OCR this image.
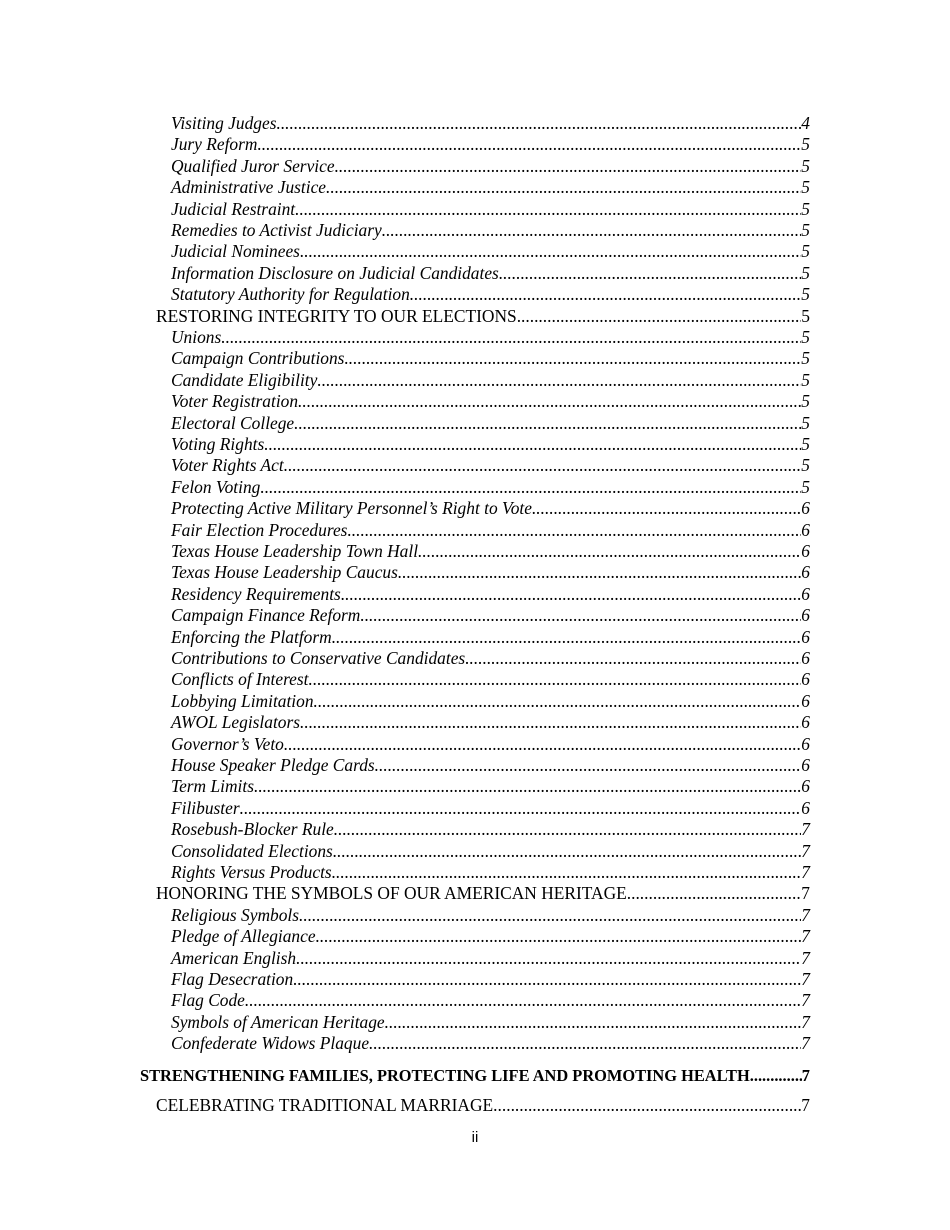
Visiting Judges .....	4
Jury Reform .....	5
Qualified Juror Service .....	5
Administrative Justice .....	5
Judicial Restraint .....	5
Remedies to Activist Judiciary .....	5
Judicial Nominees .....	5
Information Disclosure on Judicial Candidates .....	5
Statutory Authority for Regulation .....	5
RESTORING INTEGRITY TO OUR ELECTIONS .....	5
Unions .....	5
Campaign Contributions .....	5
Candidate Eligibility .....	5
Voter Registration .....	5
Electoral College .....	5
Voting Rights .....	5
Voter Rights Act .....	5
Felon Voting .....	5
Protecting Active Military Personnel’s Right to Vote .....	6
Fair Election Procedures .....	6
Texas House Leadership Town Hall .....	6
Texas House Leadership Caucus .....	6
Residency Requirements .....	6
Campaign Finance Reform .....	6
Enforcing the Platform .....	6
Contributions to Conservative Candidates .....	6
Conflicts of Interest .....	6
Lobbying Limitation .....	6
AWOL Legislators .....	6
Governor’s Veto .....	6
House Speaker Pledge Cards .....	6
Term Limits .....	6
Filibuster .....	6
Rosebush-Blocker Rule .....	7
Consolidated Elections .....	7
Rights Versus Products .....	7
HONORING THE SYMBOLS OF OUR AMERICAN HERITAGE .....	7
Religious Symbols .....	7
Pledge of Allegiance .....	7
American English .....	7
Flag Desecration .....	7
Flag Code .....	7
Symbols of American Heritage .....	7
Confederate Widows Plaque .....	7
STRENGTHENING FAMILIES, PROTECTING LIFE AND PROMOTING HEALTH .....	7
CELEBRATING TRADITIONAL MARRIAGE .....	7
ii
